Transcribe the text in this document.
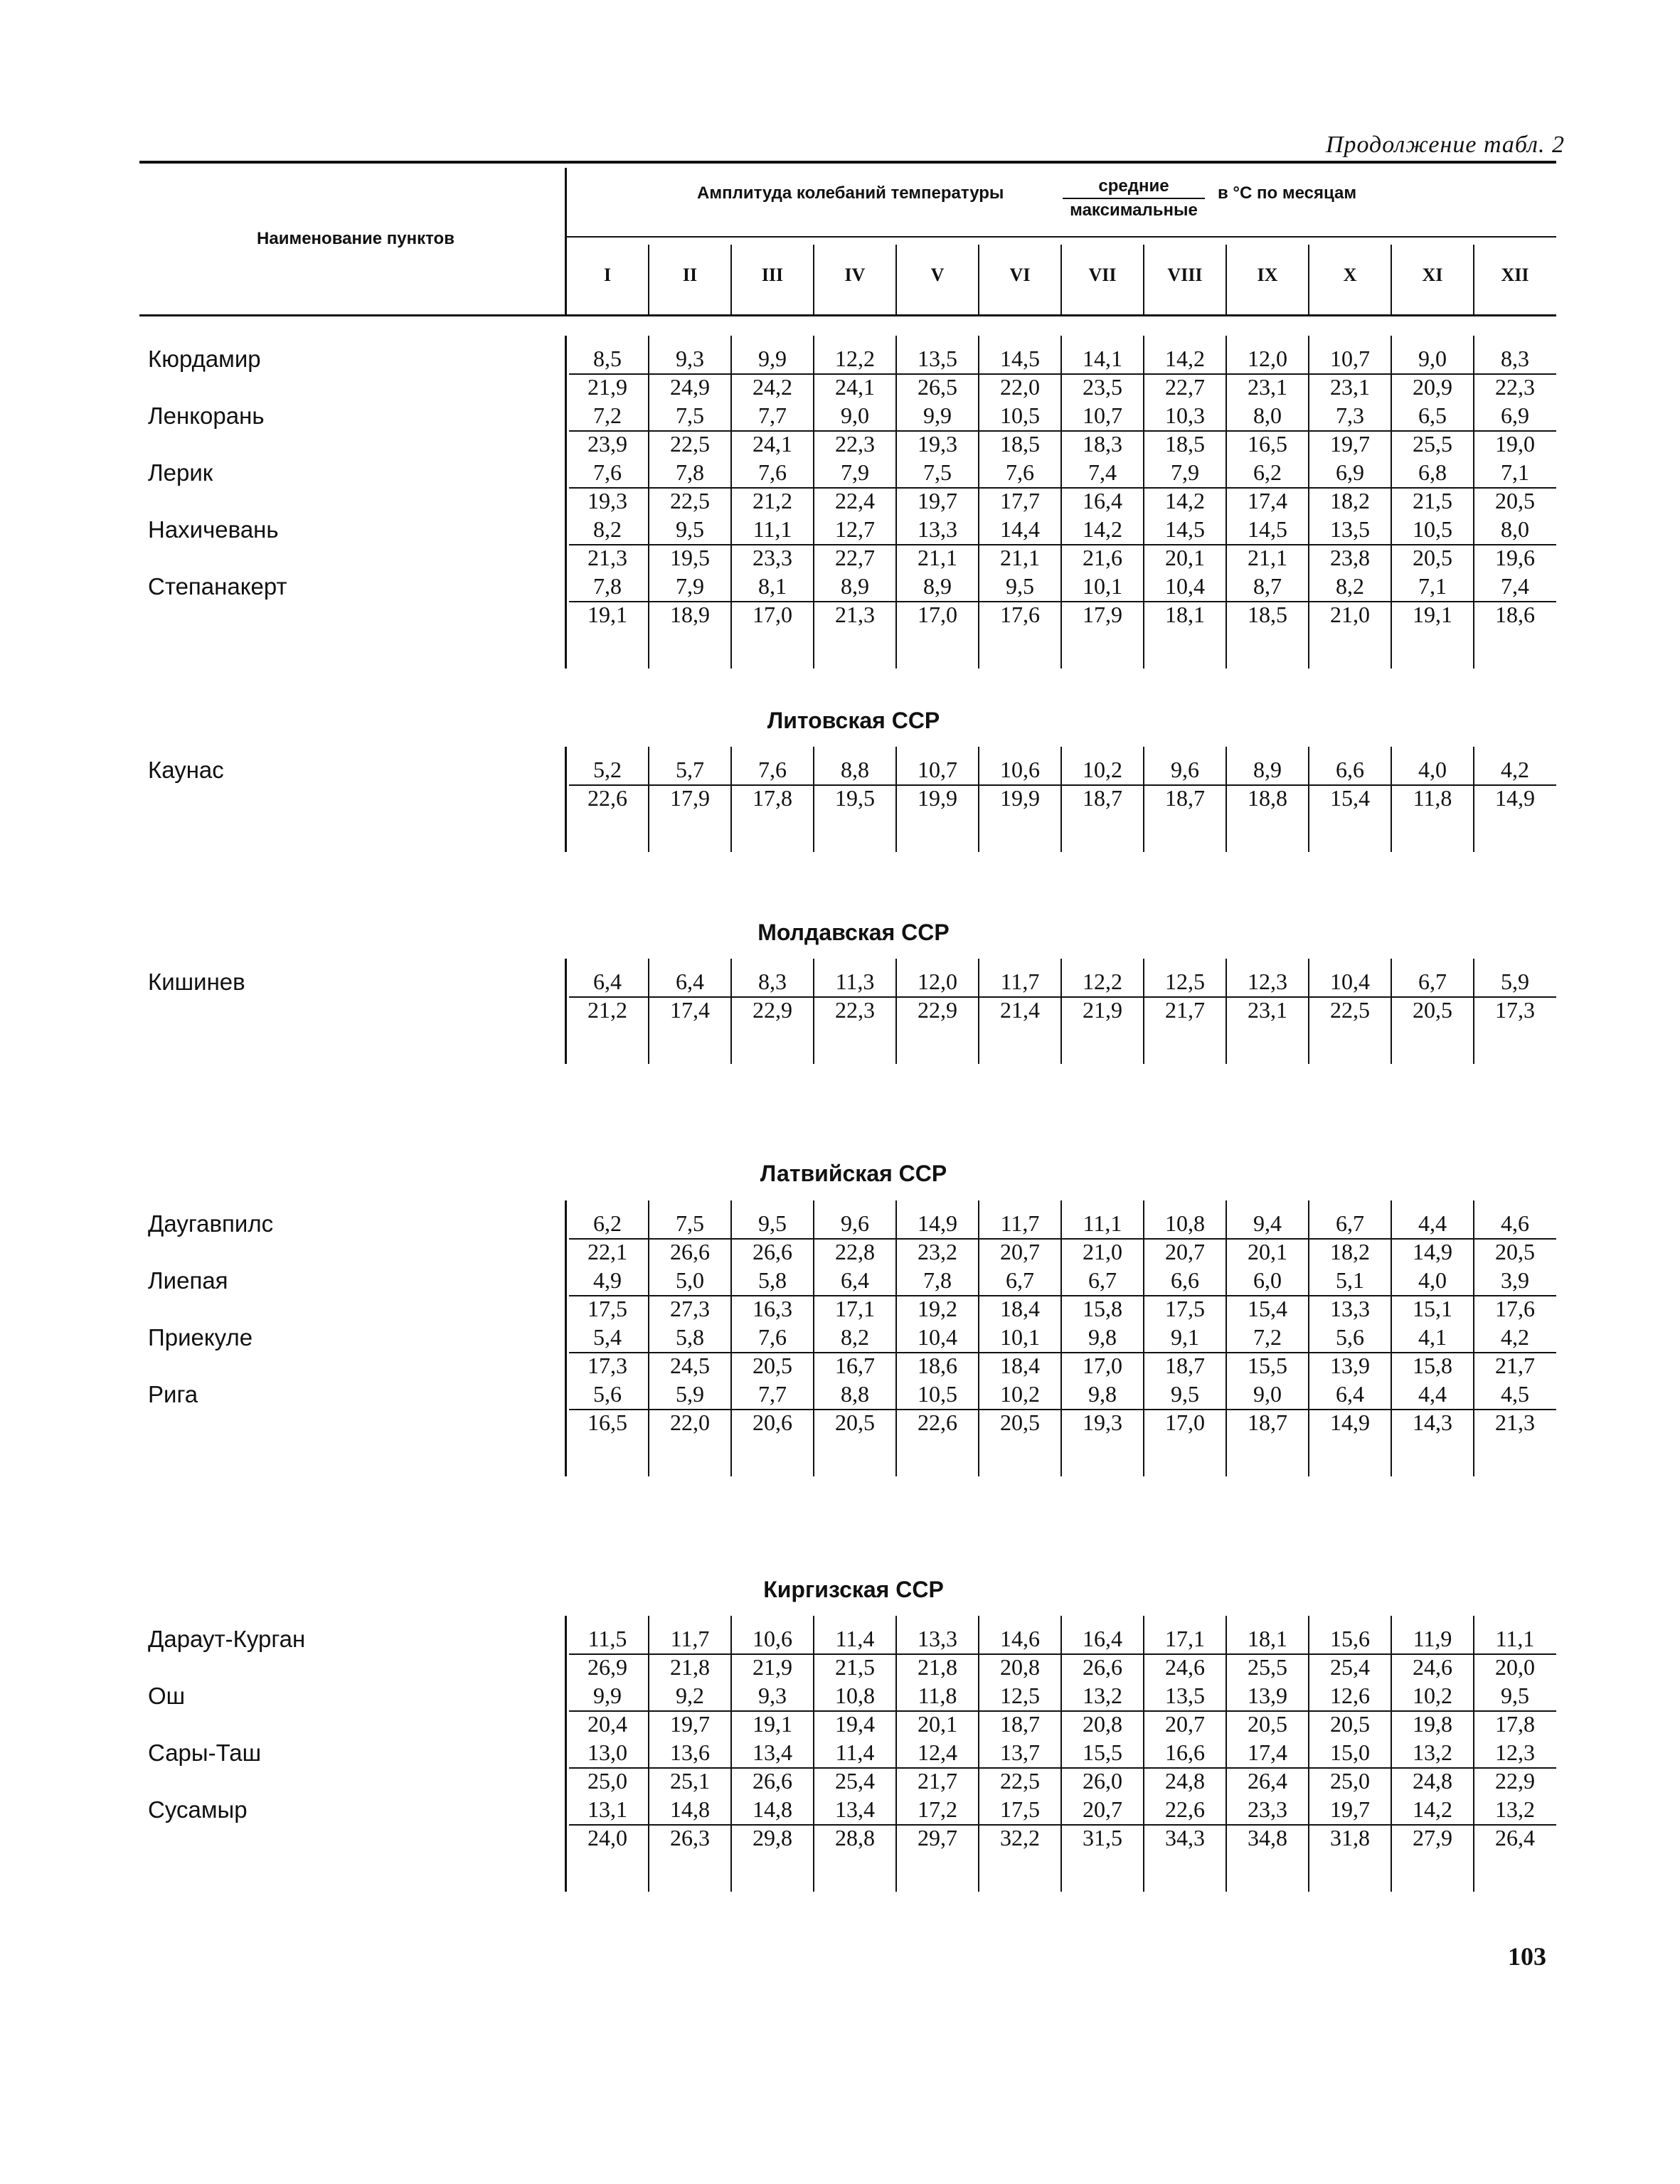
Продолжение табл. 2
Наименование пунктов
Амплитуда колебаний температуры	средние
максимальные
в °С по месяцам
I	II	III	IV	V	VI	VII	VIII	IX	X	XI	XII
Кюрдамир	8,5	9,3	9,9	12,2	13,5	14,5	14,1	14,2	12,0	10,7	9,0	8,3
21,9	24,9	24,2	24,1	26,5	22,0	23,5	22,7	23,1	23,1	20,9	22,3
Ленкорань	7,2	7,5	7,7	9,0	9,9	10,5	10,7	10,3	8,0	7,3	6,5	6,9
23,9	22,5	24,1	22,3	19,3	18,5	18,3	18,5	16,5	19,7	25,5	19,0
Лерик	7,6	7,8	7,6	7,9	7,5	7,6	7,4	7,9	6,2	6,9	6,8	7,1
19,3	22,5	21,2	22,4	19,7	17,7	16,4	14,2	17,4	18,2	21,5	20,5
Нахичевань	8,2	9,5	11,1	12,7	13,3	14,4	14,2	14,5	14,5	13,5	10,5	8,0
21,3	19,5	23,3	22,7	21,1	21,1	21,6	20,1	21,1	23,8	20,5	19,6
Степанакерт	7,8	7,9	8,1	8,9	8,9	9,5	10,1	10,4	8,7	8,2	7,1	7,4
19,1	18,9	17,0	21,3	17,0	17,6	17,9	18,1	18,5	21,0	19,1	18,6
Литовская ССР
Каунас	5,2	5,7	7,6	8,8	10,7	10,6	10,2	9,6	8,9	6,6	4,0	4,2
22,6	17,9	17,8	19,5	19,9	19,9	18,7	18,7	18,8	15,4	11,8	14,9
Молдавская ССР
Кишинев	6,4	6,4	8,3	11,3	12,0	11,7	12,2	12,5	12,3	10,4	6,7	5,9
21,2	17,4	22,9	22,3	22,9	21,4	21,9	21,7	23,1	22,5	20,5	17,3
Латвийская ССР
Даугавпилс	6,2	7,5	9,5	9,6	14,9	11,7	11,1	10,8	9,4	6,7	4,4	4,6
22,1	26,6	26,6	22,8	23,2	20,7	21,0	20,7	20,1	18,2	14,9	20,5
Лиепая	4,9	5,0	5,8	6,4	7,8	6,7	6,7	6,6	6,0	5,1	4,0	3,9
17,5	27,3	16,3	17,1	19,2	18,4	15,8	17,5	15,4	13,3	15,1	17,6
Приекуле	5,4	5,8	7,6	8,2	10,4	10,1	9,8	9,1	7,2	5,6	4,1	4,2
17,3	24,5	20,5	16,7	18,6	18,4	17,0	18,7	15,5	13,9	15,8	21,7
Рига	5,6	5,9	7,7	8,8	10,5	10,2	9,8	9,5	9,0	6,4	4,4	4,5
16,5	22,0	20,6	20,5	22,6	20,5	19,3	17,0	18,7	14,9	14,3	21,3
Киргизская ССР
Дараут-Курган	11,5	11,7	10,6	11,4	13,3	14,6	16,4	17,1	18,1	15,6	11,9	11,1
26,9	21,8	21,9	21,5	21,8	20,8	26,6	24,6	25,5	25,4	24,6	20,0
Ош	9,9	9,2	9,3	10,8	11,8	12,5	13,2	13,5	13,9	12,6	10,2	9,5
20,4	19,7	19,1	19,4	20,1	18,7	20,8	20,7	20,5	20,5	19,8	17,8
Сары-Таш	13,0	13,6	13,4	11,4	12,4	13,7	15,5	16,6	17,4	15,0	13,2	12,3
25,0	25,1	26,6	25,4	21,7	22,5	26,0	24,8	26,4	25,0	24,8	22,9
Сусамыр	13,1	14,8	14,8	13,4	17,2	17,5	20,7	22,6	23,3	19,7	14,2	13,2
24,0	26,3	29,8	28,8	29,7	32,2	31,5	34,3	34,8	31,8	27,9	26,4
103
